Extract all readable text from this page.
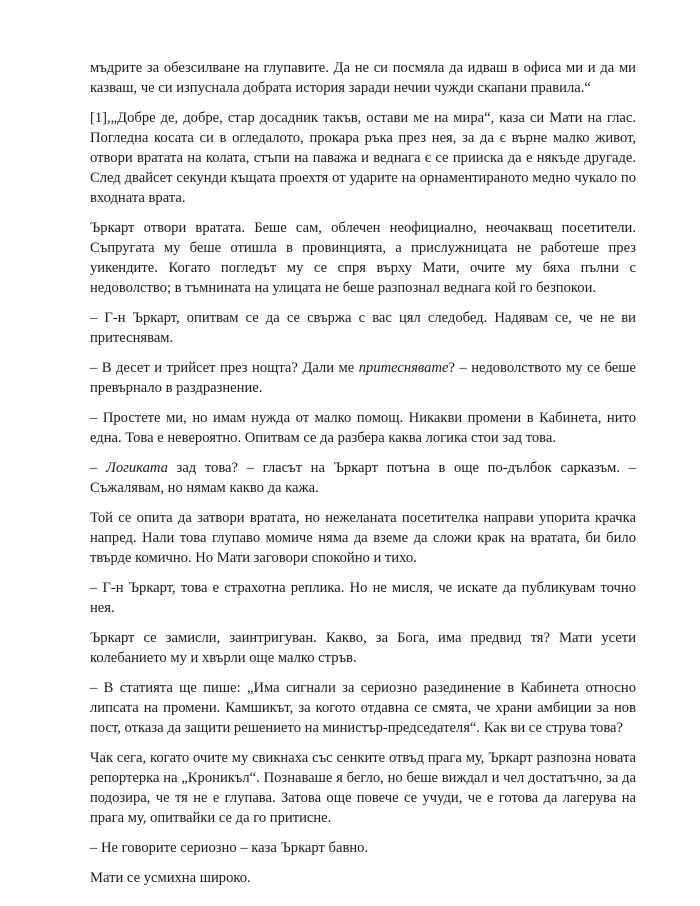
мъдрите за обезсилване на глупавите. Да не си посмяла да идваш в офиса ми и да ми казваш, че си изпуснала добрата история заради нечии чужди скапани правила.“

[1],„Добре де, добре, стар досадник такъв, остави ме на мира“, каза си Мати на глас. Погледна косата си в огледалото, прокара ръка през нея, за да є върне малко живот, отвори вратата на колата, стъпи на паважа и веднага є се прииска да е някъде другаде. След двайсет секунди къщата проехтя от ударите на орнаментираното медно чукало по входната врата.

Ъркарт отвори вратата. Беше сам, облечен неофициално, неочакващ посетители. Съпругата му беше отишла в провинцията, а прислужницата не работеше през уикендите. Когато погледът му се спря върху Мати, очите му бяха пълни с недоволство; в тъмнината на улицата не беше разпознал веднага кой го безпокои.

– Г-н Ъркарт, опитвам се да се свържа с вас цял следобед. Надявам се, че не ви притеснявам.

– В десет и трийсет през нощта? Дали ме притеснявате? – недоволството му се беше превърнало в раздразнение.

– Простете ми, но имам нужда от малко помощ. Никакви промени в Кабинета, нито една. Това е невероятно. Опитвам се да разбера каква логика стои зад това.

– Логиката зад това? – гласът на Ъркарт потъна в още по-дълбок сарказъм. – Съжалявам, но нямам какво да кажа.

Той се опита да затвори вратата, но нежеланата посетителка направи упорита крачка напред. Нали това глупаво момиче няма да вземе да сложи крак на вратата, би било твърде комично. Но Мати заговори спокойно и тихо.

– Г-н Ъркарт, това е страхотна реплика. Но не мисля, че искате да публикувам точно нея.

Ъркарт се замисли, заинтригуван. Какво, за Бога, има предвид тя? Мати усети колебанието му и хвърли още малко стръв.

– В статията ще пише: „Има сигнали за сериозно разединение в Кабинета относно липсата на промени. Камшикът, за когото отдавна се смята, че храни амбиции за нов пост, отказа да защити решението на министър-председателя“. Как ви се струва това?

Чак сега, когато очите му свикнаха със сенките отвъд прага му, Ъркарт разпозна новата репортерка на „Кроникъл“. Познаваше я бегло, но беше виждал и чел достатъчно, за да подозира, че тя не е глупава. Затова още повече се учуди, че е готова да лагерува на прага му, опитвайки се да го притисне.

– Не говорите сериозно – каза Ъркарт бавно.

Мати се усмихна широко.
